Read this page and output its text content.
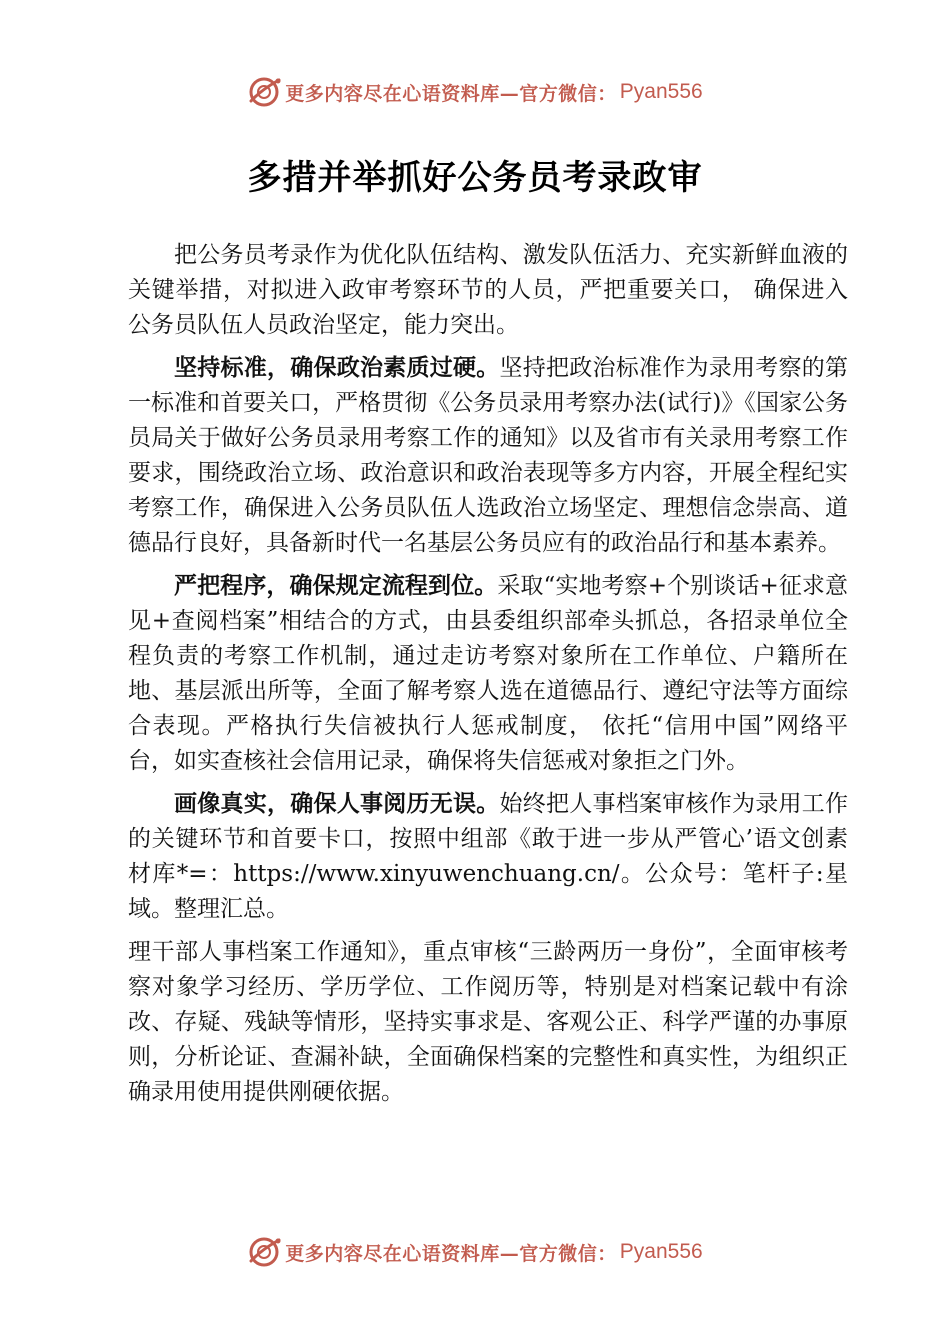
更多内容尽在心语资料库—官方微信： Pyan556
多措并举抓好公务员考录政审

把公务员考录作为优化队伍结构、激发队伍活力、充实新鲜血液的关键举措，对拟进入政审考察环节的人员，严把重要关口， 确保进入公务员队伍人员政治坚定，能力突出。

坚持标准，确保政治素质过硬。坚持把政治标准作为录用考察的第一标准和首要关口，严格贯彻《公务员录用考察办法(试行)》《国家公务员局关于做好公务员录用考察工作的通知》以及省市有关录用考察工作要求，围绕政治立场、政治意识和政治表现等多方内容，开展全程纪实考察工作，确保进入公务员队伍人选政治立场坚定、理想信念崇高、道德品行良好，具备新时代一名基层公务员应有的政治品行和基本素养。

严把程序，确保规定流程到位。采取“实地考察+个别谈话+征求意见+查阅档案”相结合的方式，由县委组织部牵头抓总，各招录单位全程负责的考察工作机制，通过走访考察对象所在工作单位、户籍所在地、基层派出所等，全面了解考察人选在道德品行、遵纪守法等方面综合表现。严格执行失信被执行人惩戒制度， 依托“信用中国”网络平台，如实查核社会信用记录，确保将失信惩戒对象拒之门外。

画像真实，确保人事阅历无误。始终把人事档案审核作为录用工作的关键环节和首要卡口，按照中组部《敢于进一步从严管心’语文创素材库*=：https://www.xinyuwenchuang.cn/。公众号：笔杆子:星域。整理汇总。

理干部人事档案工作通知》，重点审核“三龄两历一身份”，全面审核考察对象学习经历、学历学位、工作阅历等，特别是对档案记载中有涂改、存疑、残缺等情形，坚持实事求是、客观公正、科学严谨的办事原则，分析论证、查漏补缺，全面确保档案的完整性和真实性，为组织正确录用使用提供刚硬依据。

更多内容尽在心语资料库—官方微信： Pyan556
